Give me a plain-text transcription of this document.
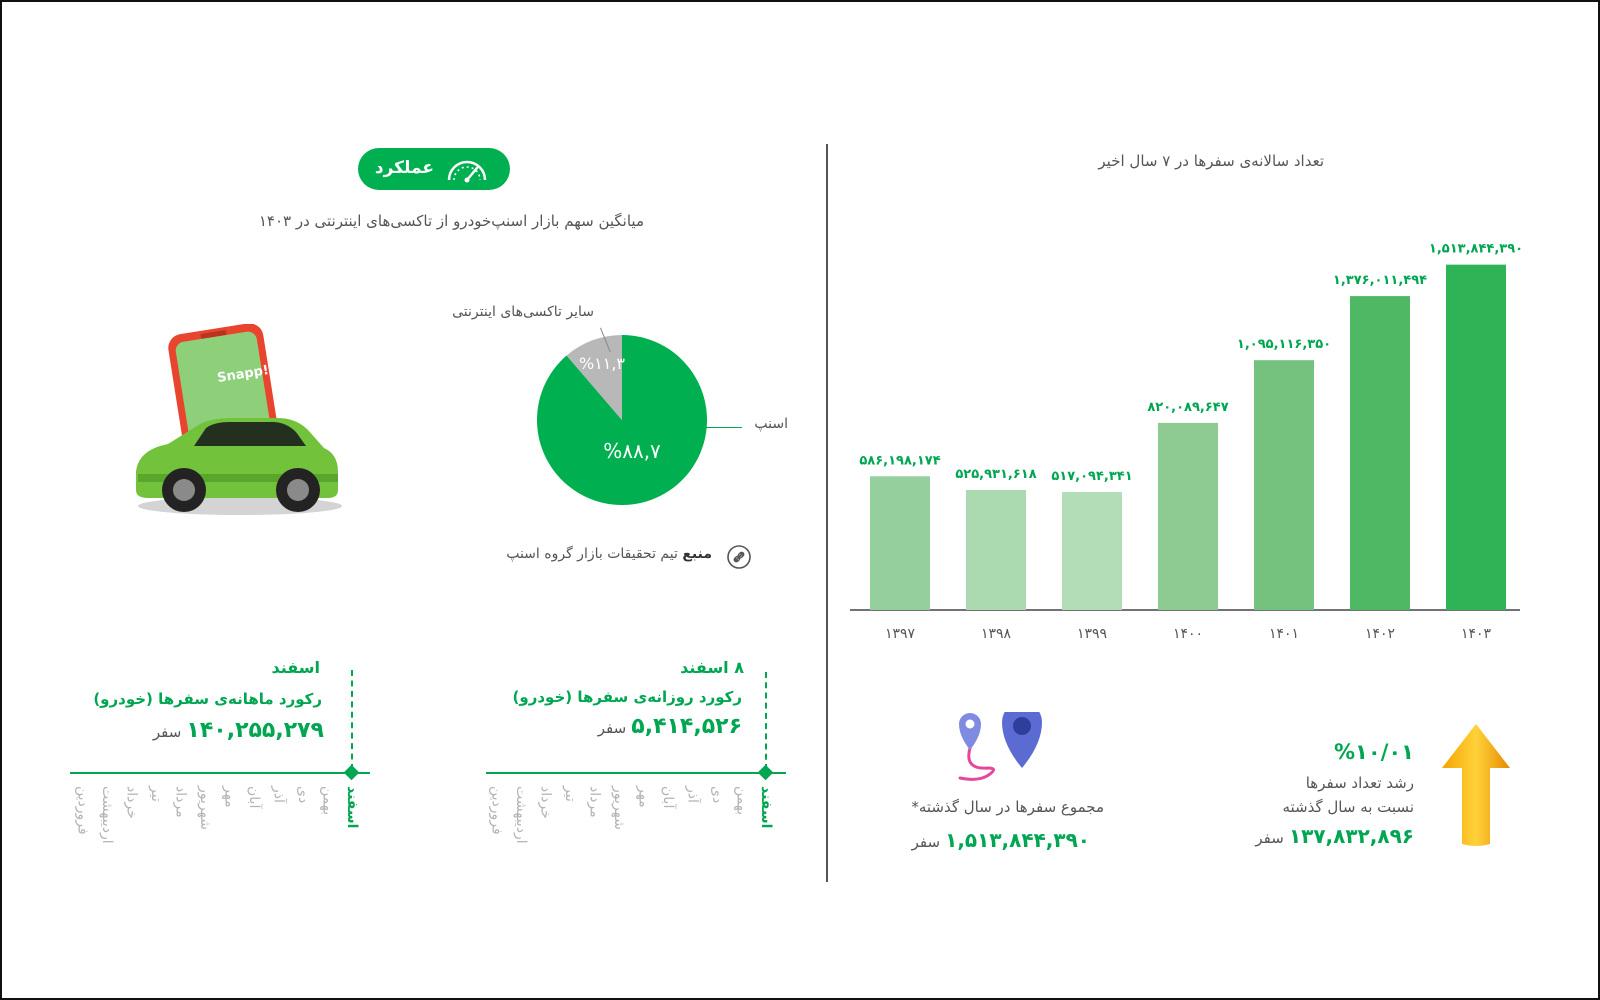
عملکرد
میانگین سهم بازار اسنپ‌خودرو از تاکسی‌های اینترنتی در ۱۴۰۳
Snapp!
%۸۸,۷
%۱۱,۳
اسنپ
سایر تاکسی‌های اینترنتی
منبع تیم تحقیقات بازار گروه اسنپ
اسفند
رکورد ماهانه‌ی سفرها (خودرو)
۱۴۰,۲۵۵,۲۷۹ سفر
اسفند
بهمن
دی
آذر
آبان
مهر
شهریور
مرداد
تیر
خرداد
اردیبهشت
فروردین
۸ اسفند
رکورد روزانه‌ی سفرها (خودرو)
۵,۴۱۴,۵۲۶ سفر
اسفند
بهمن
دی
آذر
آبان
مهر
شهریور
مرداد
تیر
خرداد
اردیبهشت
فروردین
تعداد سالانه‌ی سفرها در ۷ سال اخیر
۵۸۶,۱۹۸,۱۷۴
۱۳۹۷
۵۲۵,۹۳۱,۶۱۸
۱۳۹۸
۵۱۷,۰۹۴,۳۴۱
۱۳۹۹
۸۲۰,۰۸۹,۶۴۷
۱۴۰۰
۱,۰۹۵,۱۱۶,۳۵۰
۱۴۰۱
۱,۳۷۶,۰۱۱,۴۹۴
۱۴۰۲
۱,۵۱۳,۸۴۴,۳۹۰
۱۴۰۳
مجموع سفرها در سال گذشته*
۱,۵۱۳,۸۴۴,۳۹۰ سفر
%۱۰/۰۱
رشد تعداد سفرها
نسبت به سال گذشته
۱۳۷,۸۳۲,۸۹۶ سفر
